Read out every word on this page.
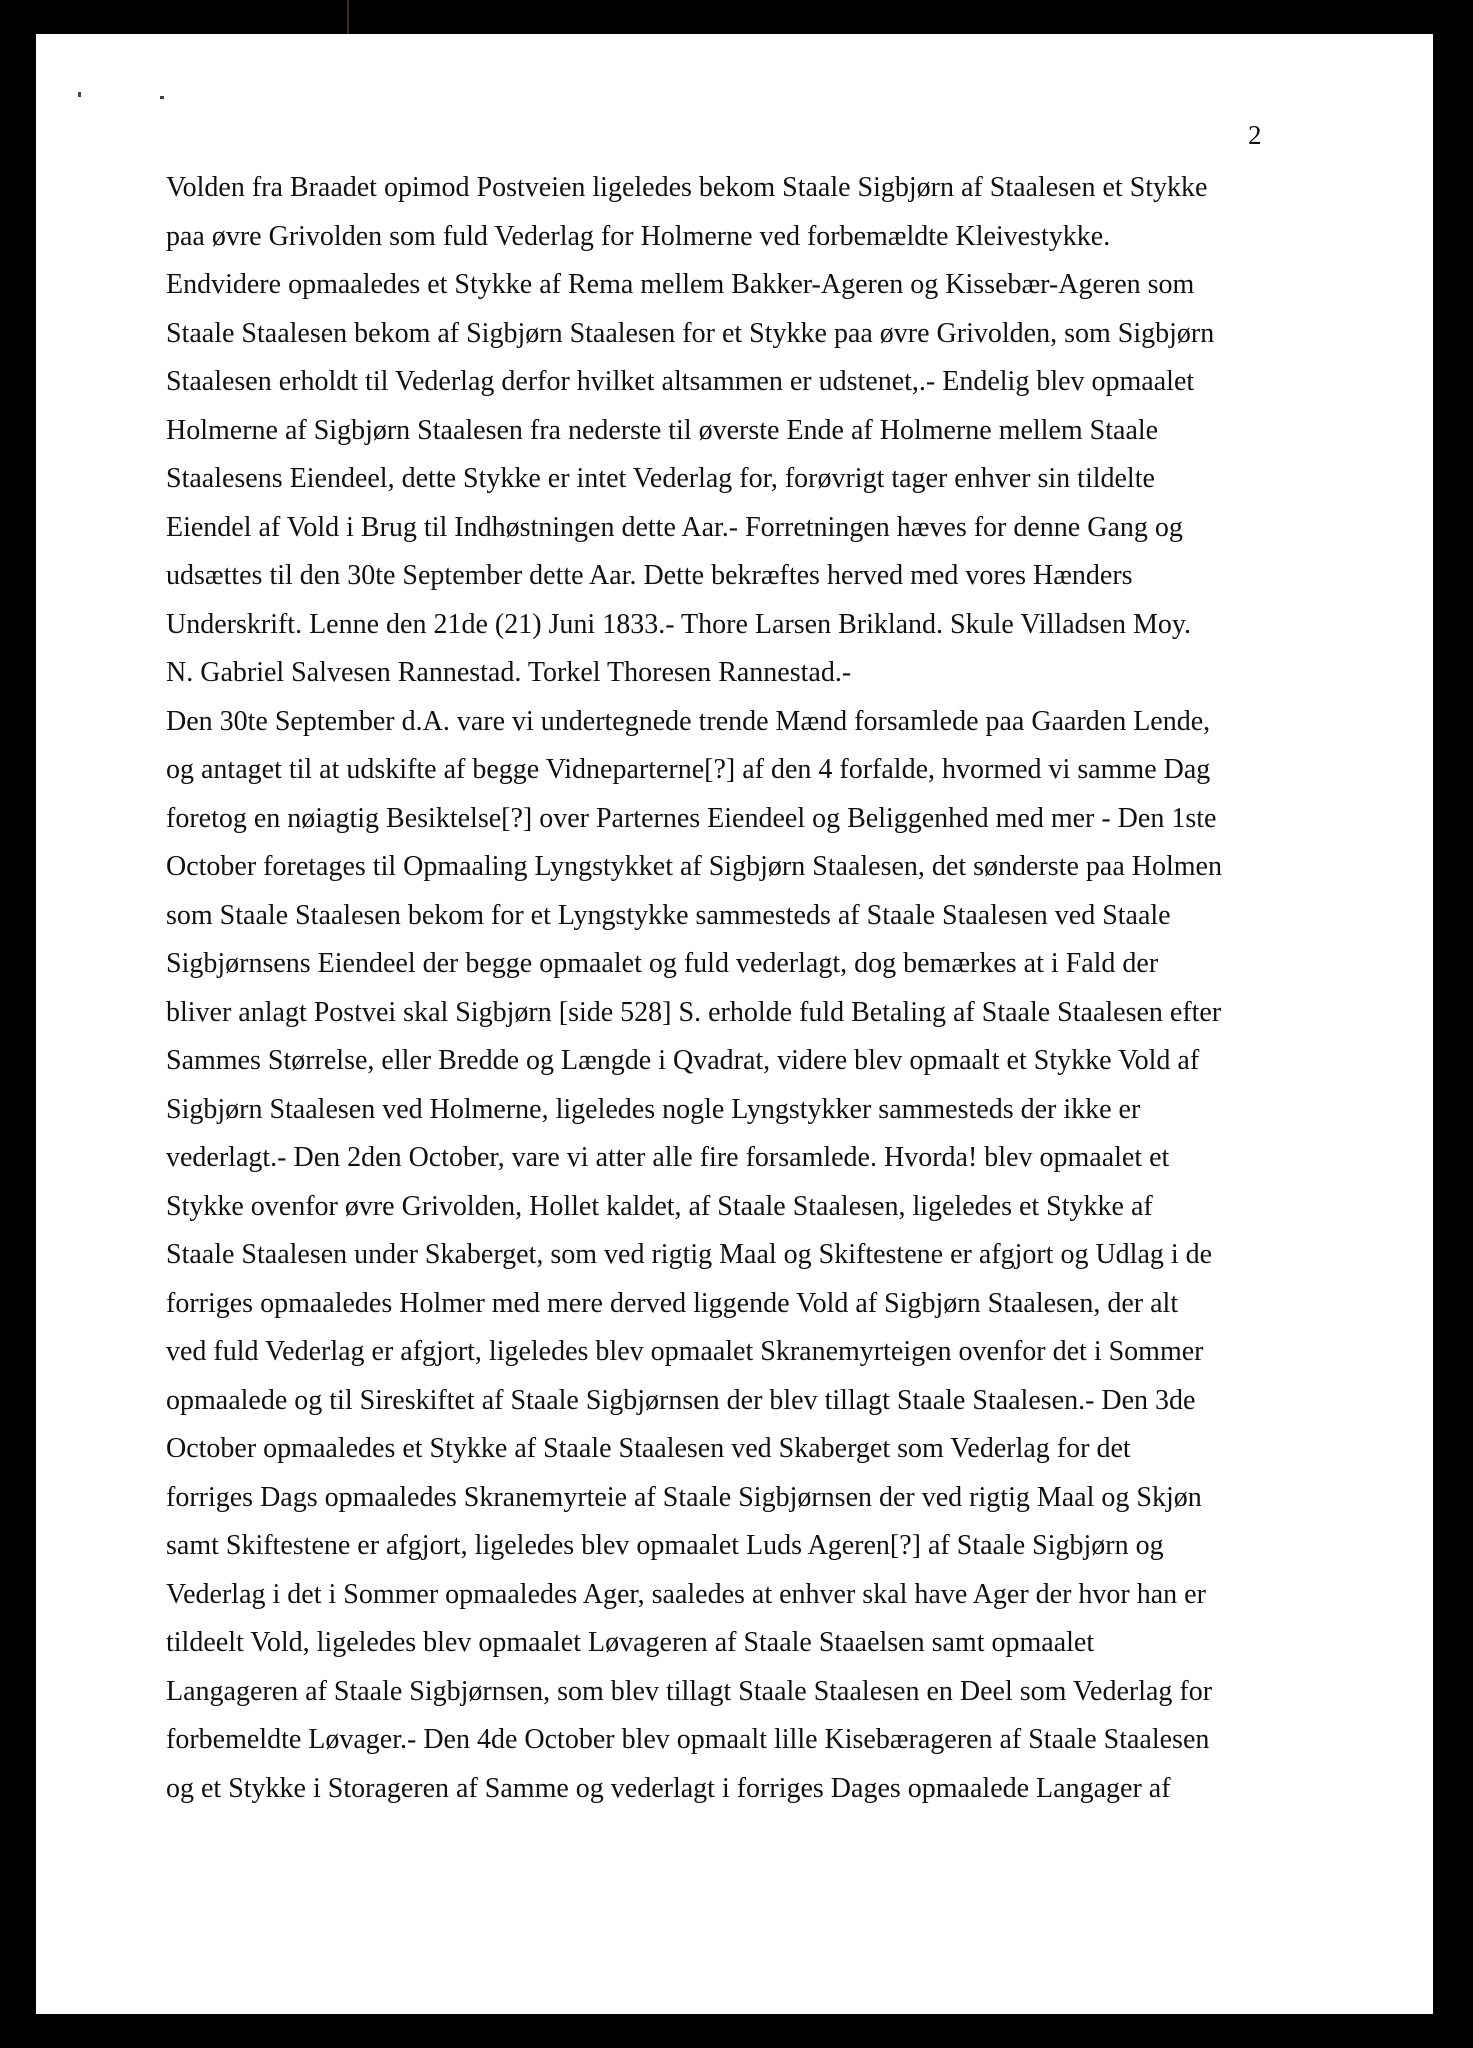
2
Volden fra Braadet opimod Postveien ligeledes bekom Staale Sigbjørn af Staalesen et Stykke
paa øvre Grivolden som fuld Vederlag for Holmerne ved forbemældte Kleivestykke.
Endvidere opmaaledes et Stykke af Rema mellem Bakker-Ageren og Kissebær-Ageren som
Staale Staalesen bekom af Sigbjørn Staalesen for et Stykke paa øvre Grivolden, som Sigbjørn
Staalesen erholdt til Vederlag derfor hvilket altsammen er udstenet,.- Endelig blev opmaalet
Holmerne af Sigbjørn Staalesen fra nederste til øverste Ende af Holmerne mellem Staale
Staalesens Eiendeel, dette Stykke er intet Vederlag for, forøvrigt tager enhver sin tildelte
Eiendel af Vold i Brug til Indhøstningen dette Aar.- Forretningen hæves for denne Gang og
udsættes til den 30te September dette Aar. Dette bekræftes herved med vores Hænders
Underskrift. Lenne den 21de (21) Juni 1833.- Thore Larsen Brikland. Skule Villadsen Moy.
N. Gabriel Salvesen Rannestad. Torkel Thoresen Rannestad.-
Den 30te September d.A. vare vi undertegnede trende Mænd forsamlede paa Gaarden Lende,
og antaget til at udskifte af begge Vidneparterne[?] af den 4 forfalde, hvormed vi samme Dag
foretog en nøiagtig Besiktelse[?] over Parternes Eiendeel og Beliggenhed med mer - Den 1ste
October foretages til Opmaaling Lyngstykket af Sigbjørn Staalesen, det sønderste paa Holmen
som Staale Staalesen bekom for et Lyngstykke sammesteds af Staale Staalesen ved Staale
Sigbjørnsens Eiendeel der begge opmaalet og fuld vederlagt, dog bemærkes at i Fald der
bliver anlagt Postvei skal Sigbjørn [side 528] S. erholde fuld Betaling af Staale Staalesen efter
Sammes Størrelse, eller Bredde og Længde i Qvadrat, videre blev opmaalt et Stykke Vold af
Sigbjørn Staalesen ved Holmerne, ligeledes nogle Lyngstykker sammesteds der ikke er
vederlagt.- Den 2den October, vare vi atter alle fire forsamlede. Hvorda! blev opmaalet et
Stykke ovenfor øvre Grivolden, Hollet kaldet, af Staale Staalesen, ligeledes et Stykke af
Staale Staalesen under Skaberget, som ved rigtig Maal og Skiftestene er afgjort og Udlag i de
forriges opmaaledes Holmer med mere derved liggende Vold af Sigbjørn Staalesen, der alt
ved fuld Vederlag er afgjort, ligeledes blev opmaalet Skranemyrteigen ovenfor det i Sommer
opmaalede og til Sireskiftet af Staale Sigbjørnsen der blev tillagt Staale Staalesen.- Den 3de
October opmaaledes et Stykke af Staale Staalesen ved Skaberget som Vederlag for det
forriges Dags opmaaledes Skranemyrteie af Staale Sigbjørnsen der ved rigtig Maal og Skjøn
samt Skiftestene er afgjort, ligeledes blev opmaalet Luds Ageren[?] af Staale Sigbjørn og
Vederlag i det i Sommer opmaaledes Ager, saaledes at enhver skal have Ager der hvor han er
tildeelt Vold, ligeledes blev opmaalet Løvageren af Staale Staaelsen samt opmaalet
Langageren af Staale Sigbjørnsen, som blev tillagt Staale Staalesen en Deel som Vederlag for
forbemeldte Løvager.- Den 4de October blev opmaalt lille Kisebærageren af Staale Staalesen
og et Stykke i Storageren af Samme og vederlagt i forriges Dages opmaalede Langager af
